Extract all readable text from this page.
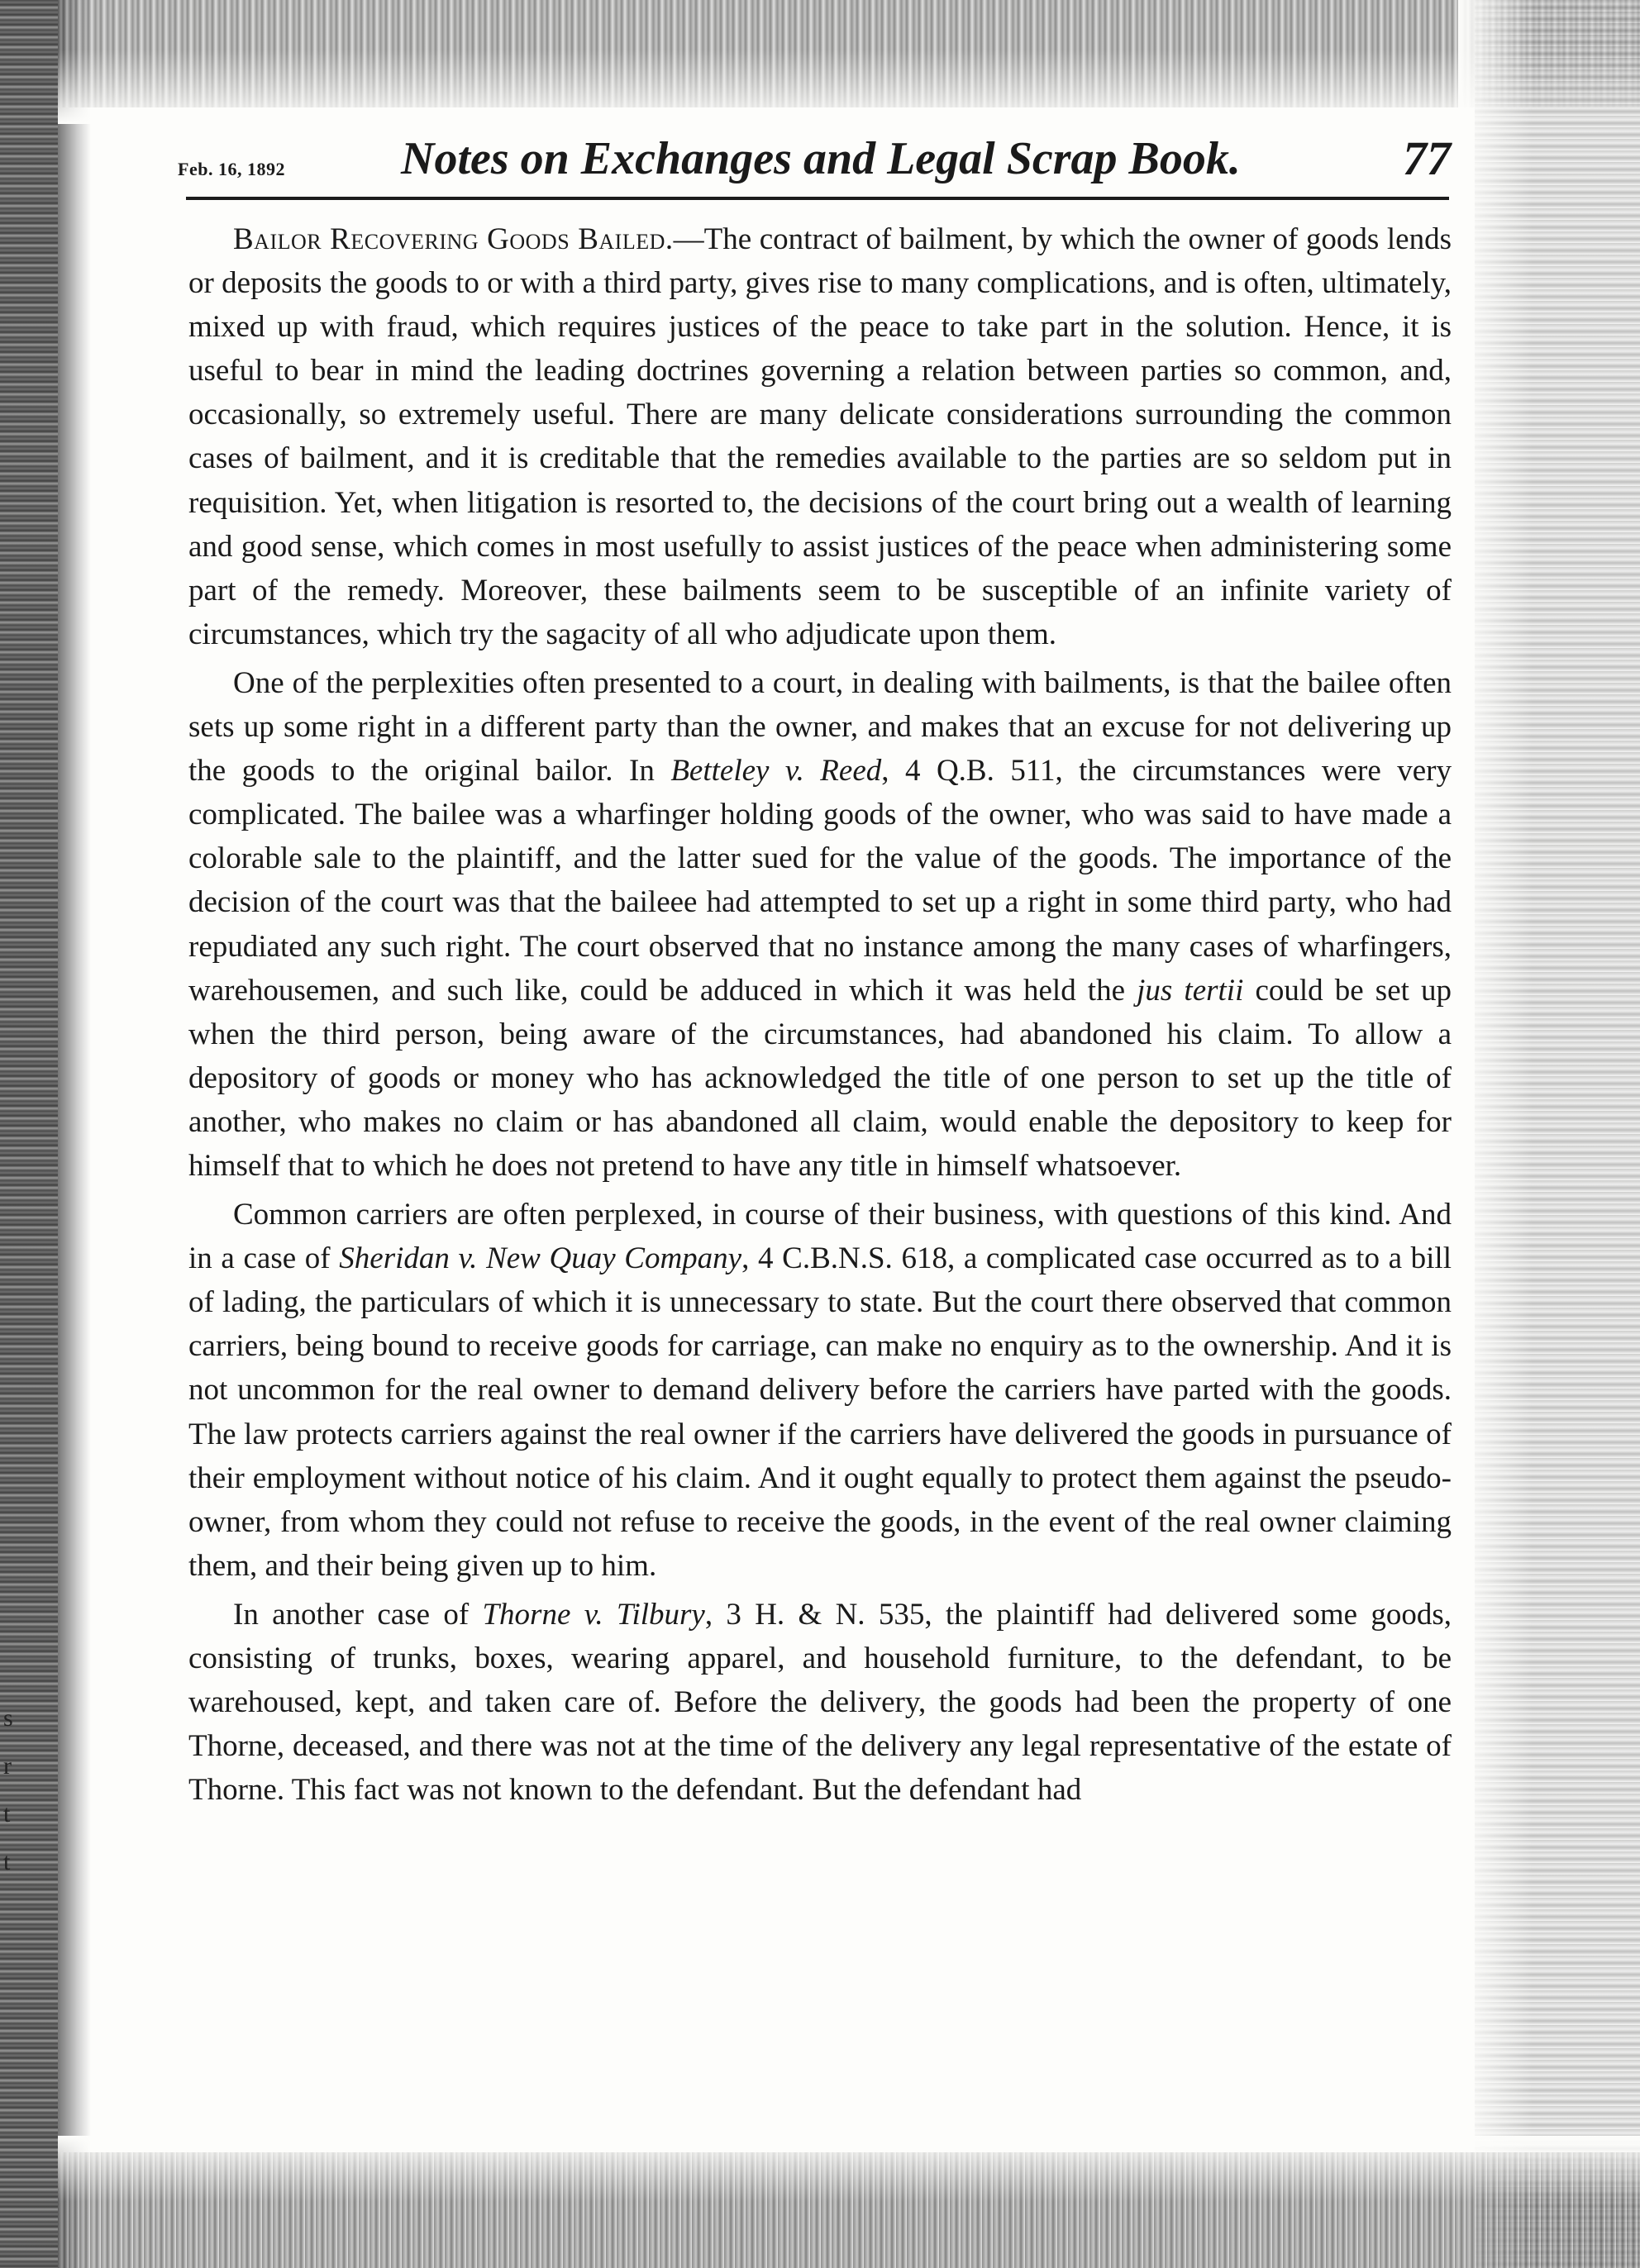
s
r
t
t
Feb. 16, 1892	Notes on Exchanges and Legal Scrap Book.	77

Bailor Recovering Goods Bailed.—The contract of bailment, by which the owner of goods lends or deposits the goods to or with a third party, gives rise to many complications, and is often, ultimately, mixed up with fraud, which requires justices of the peace to take part in the solution. Hence, it is useful to bear in mind the leading doctrines governing a relation between parties so common, and, occasionally, so extremely useful. There are many delicate considerations surrounding the common cases of bailment, and it is creditable that the remedies available to the parties are so seldom put in requisition. Yet, when litigation is resorted to, the decisions of the court bring out a wealth of learning and good sense, which comes in most usefully to assist justices of the peace when administering some part of the remedy. Moreover, these bailments seem to be susceptible of an infinite variety of circumstances, which try the sagacity of all who adjudicate upon them.

One of the perplexities often presented to a court, in dealing with bailments, is that the bailee often sets up some right in a different party than the owner, and makes that an excuse for not delivering up the goods to the original bailor. In Betteley v. Reed, 4 Q.B. 511, the circumstances were very complicated. The bailee was a wharfinger holding goods of the owner, who was said to have made a colorable sale to the plaintiff, and the latter sued for the value of the goods. The importance of the decision of the court was that the baileee had attempted to set up a right in some third party, who had repudiated any such right. The court observed that no instance among the many cases of wharfingers, warehousemen, and such like, could be adduced in which it was held the jus tertii could be set up when the third person, being aware of the circumstances, had abandoned his claim. To allow a depository of goods or money who has acknowledged the title of one person to set up the title of another, who makes no claim or has abandoned all claim, would enable the depository to keep for himself that to which he does not pretend to have any title in himself whatsoever.

Common carriers are often perplexed, in course of their business, with questions of this kind. And in a case of Sheridan v. New Quay Company, 4 C.B.N.S. 618, a complicated case occurred as to a bill of lading, the particulars of which it is unnecessary to state. But the court there observed that common carriers, being bound to receive goods for carriage, can make no enquiry as to the ownership. And it is not uncommon for the real owner to demand delivery before the carriers have parted with the goods. The law protects carriers against the real owner if the carriers have delivered the goods in pursuance of their employment without notice of his claim. And it ought equally to protect them against the pseudo-owner, from whom they could not refuse to receive the goods, in the event of the real owner claiming them, and their being given up to him.

In another case of Thorne v. Tilbury, 3 H. & N. 535, the plaintiff had delivered some goods, consisting of trunks, boxes, wearing apparel, and household furniture, to the defendant, to be warehoused, kept, and taken care of. Before the delivery, the goods had been the property of one Thorne, deceased, and there was not at the time of the delivery any legal representative of the estate of Thorne. This fact was not known to the defendant. But the defendant had
